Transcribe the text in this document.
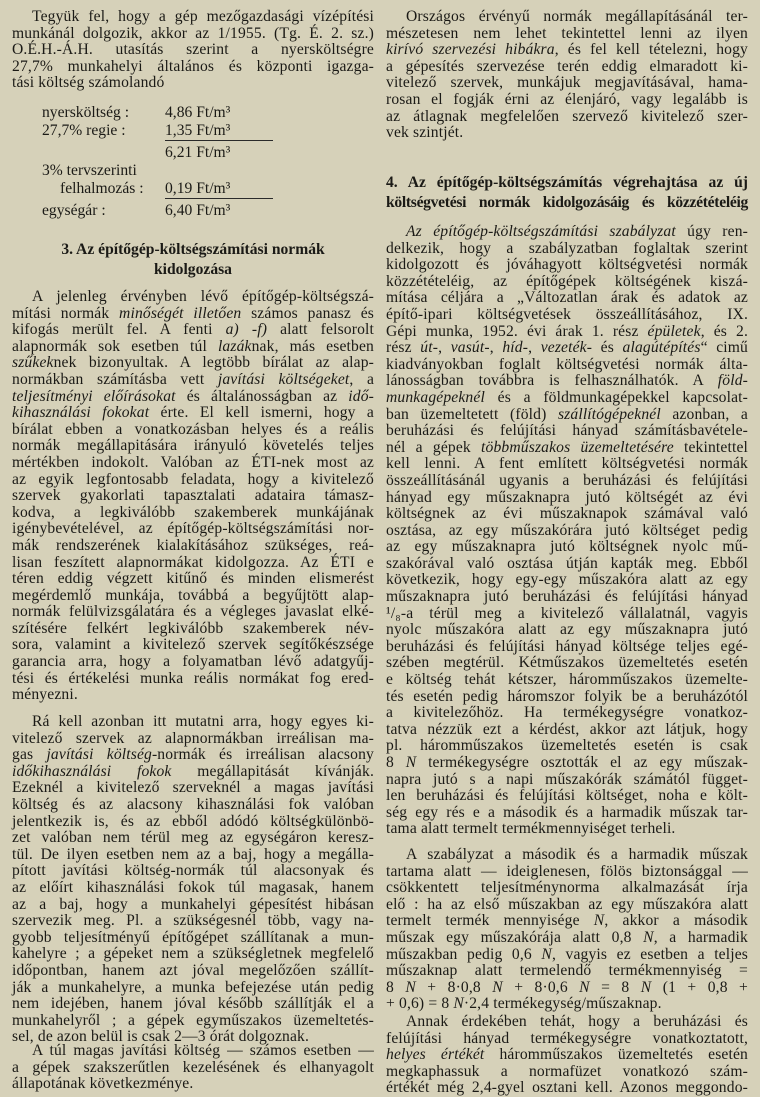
Tegyük fel, hogy a gép mezőgazdasági vízépítési
munkánál dolgozik, akkor az 1/1955. (Tg. É. 2. sz.)
O.É.H.-Á.H. utasítás szerint a nyersköltségre
27,7% munkahelyi általános és központi igazga-
tási költség számolandó
nyersköltség : 4,86 Ft/m³
27,7% regie :	1,35 Ft/m³
6,21 Ft/m³
3% tervszerinti
felhalmozás : 0,19 Ft/m³
egységár :	6,40 Ft/m³
3. Az építőgép-költségszámítási normák
kidolgozása
A jelenleg érvényben lévő építőgép-költségszá-
mítási normák minőségét illetően számos panasz és
kifogás merült fel. A fenti a) -f) alatt felsorolt
alapnormák sok esetben túl lazáknak, más esetben
szűkeknek bizonyultak. A legtöbb bírálat az alap-
normákban számításba vett javítási költségeket, a
teljesítményi előírásokat és általánosságban az idő-
kihasználási fokokat érte. El kell ismerni, hogy a
bírálat ebben a vonatkozásban helyes és a reális
normák megállapitására irányuló követelés teljes
mértékben indokolt. Valóban az ÉTI-nek most az
az egyik legfontosabb feladata, hogy a kivitelező
szervek gyakorlati tapasztalati adataira támasz-
kodva, a legkiválóbb szakemberek munkájának
igénybevételével, az építőgép-költségszámítási nor-
mák rendszerének kialakításához szükséges, reá-
lisan feszített alapnormákat kidolgozza. Az ÉTI e
téren eddig végzett kitűnő és minden elismerést
megérdemlő munkája, továbbá a begyűjtött alap-
normák felülvizsgálatára és a végleges javaslat elké-
szítésére felkért legkiválóbb szakemberek név-
sora, valamint a kivitelező szervek segítőkészsége
garancia arra, hogy a folyamatban lévő adatgyűj-
tési és értékelési munka reális normákat fog ered-
ményezni.
Rá kell azonban itt mutatni arra, hogy egyes ki-
vitelező szervek az alapnormákban irreálisan ma-
gas javítási költség-normák és irreálisan alacsony
időkihasználási fokok megállapitását kívánják.
Ezeknél a kivitelező szerveknél a magas javítási
költség és az alacsony kihasználási fok valóban
jelentkezik is, és az ebből adódó költségkülönbö-
zet valóban nem térül meg az egységáron keresz-
tül. De ilyen esetben nem az a baj, hogy a megálla-
pított javítási költség-normák túl alacsonyak és
az előírt kihasználási fokok túl magasak, hanem
az a baj, hogy a munkahelyi gépesítést hibásan
szervezik meg. Pl. a szükségesnél több, vagy na-
gyobb teljesítményű építőgépet szállítanak a mun-
kahelyre ; a gépeket nem a szükségletnek megfelelő
időpontban, hanem azt jóval megelőzően szállít-
ják a munkahelyre, a munka befejezése után pedig
nem idejében, hanem jóval később szállítják el a
munkahelyről ; a gépek egyműszakos üzemeltetés-
sel, de azon belül is csak 2—3 órát dolgoznak.
A túl magas javítási költség — számos esetben —
a gépek szakszerűtlen kezelésének és elhanyagolt
állapotának következménye.
Országos érvényű normák megállapításánál ter-
mészetesen nem lehet tekintettel lenni az ilyen
kirívó szervezési hibákra, és fel kell tételezni, hogy
a gépesítés szervezése terén eddig elmaradott ki-
vitelező szervek, munkájuk megjavításával, hama-
rosan el fogják érni az élenjáró, vagy legalább is
az átlagnak megfelelően szervező kivitelező szer-
vek szintjét.
4. Az építőgép-költségszámítás végrehajtása az új
költségvetési normák kidolgozásáig és közzétételéig
Az építőgép-költségszámítási szabályzat úgy ren-
delkezik, hogy a szabályzatban foglaltak szerint
kidolgozott és jóváhagyott költségvetési normák
közzétételéig, az építőgépek költségének kiszá-
mítása céljára a „Változatlan árak és adatok az
építő-ipari költségvetések összeállításához, IX.
Gépi munka, 1952. évi árak 1. rész épületek, és 2.
rész út-, vasút-, híd-, vezeték- és alagútépítés“ cimű
kiadványokban foglalt költségvetési normák álta-
lánosságban továbbra is felhasználhatók. A föld-
munkagépeknél és a földmunkagépekkel kapcsolat-
ban üzemeltetett (föld) szállítógépeknél azonban, a
beruházási és felújítási hányad számításbavétele-
nél a gépek többműszakos üzemeltetésére tekintettel
kell lenni. A fent említett költségvetési normák
összeállításánál ugyanis a beruházási és felújítási
hányad egy műszaknapra jutó költségét az évi
költségnek az évi műszaknapok számával való
osztása, az egy műszakórára jutó költséget pedig
az egy műszaknapra jutó költségnek nyolc mű-
szakórával való osztása útján kapták meg. Ebből
következik, hogy egy-egy műszakóra alatt az egy
műszaknapra jutó beruházási és felújítási hányad
¹/₈-a térül meg a kivitelező vállalatnál, vagyis
nyolc műszakóra alatt az egy műszaknapra jutó
beruházási és felújítási hányad költsége teljes egé-
szében megtérül. Kétműszakos üzemeltetés esetén
e költség tehát kétszer, háromműszakos üzemelte-
tés esetén pedig háromszor folyik be a beruházótól
a kivitelezőhöz. Ha termékegységre vonatkoz-
tatva nézzük ezt a kérdést, akkor azt látjuk, hogy
pl. háromműszakos üzemeltetés esetén is csak
8 N termékegységre osztották el az egy műszak-
napra jutó s a napi műszakórák számától függet-
len beruházási és felújítási költséget, noha e költ-
ség egy rés e a második és a harmadik műszak tar-
tama alatt termelt termékmennyiséget terheli.
A szabályzat a második és a harmadik műszak
tartama alatt — ideiglenesen, fölös biztonsággal —
csökkentett teljesítménynorma alkalmazását írja
elő : ha az első műszakban az egy műszakóra alatt
termelt termék mennyisége N, akkor a második
műszak egy műszakórája alatt 0,8 N, a harmadik
műszakban pedig 0,6 N, vagyis ez esetben a teljes
műszaknap alatt termelendő termékmennyiség =
8 N + 8·0,8 N + 8·0,6 N = 8 N (1 + 0,8 +
+ 0,6) = 8 N·2,4 termékegység/műszaknap.
Annak érdekében tehát, hogy a beruházási és
felújítási hányad termékegységre vonatkoztatott,
helyes értékét háromműszakos üzemeltetés esetén
megkaphassuk a normafüzet vonatkozó szám-
értékét még 2,4-gyel osztani kell. Azonos meggondo-
